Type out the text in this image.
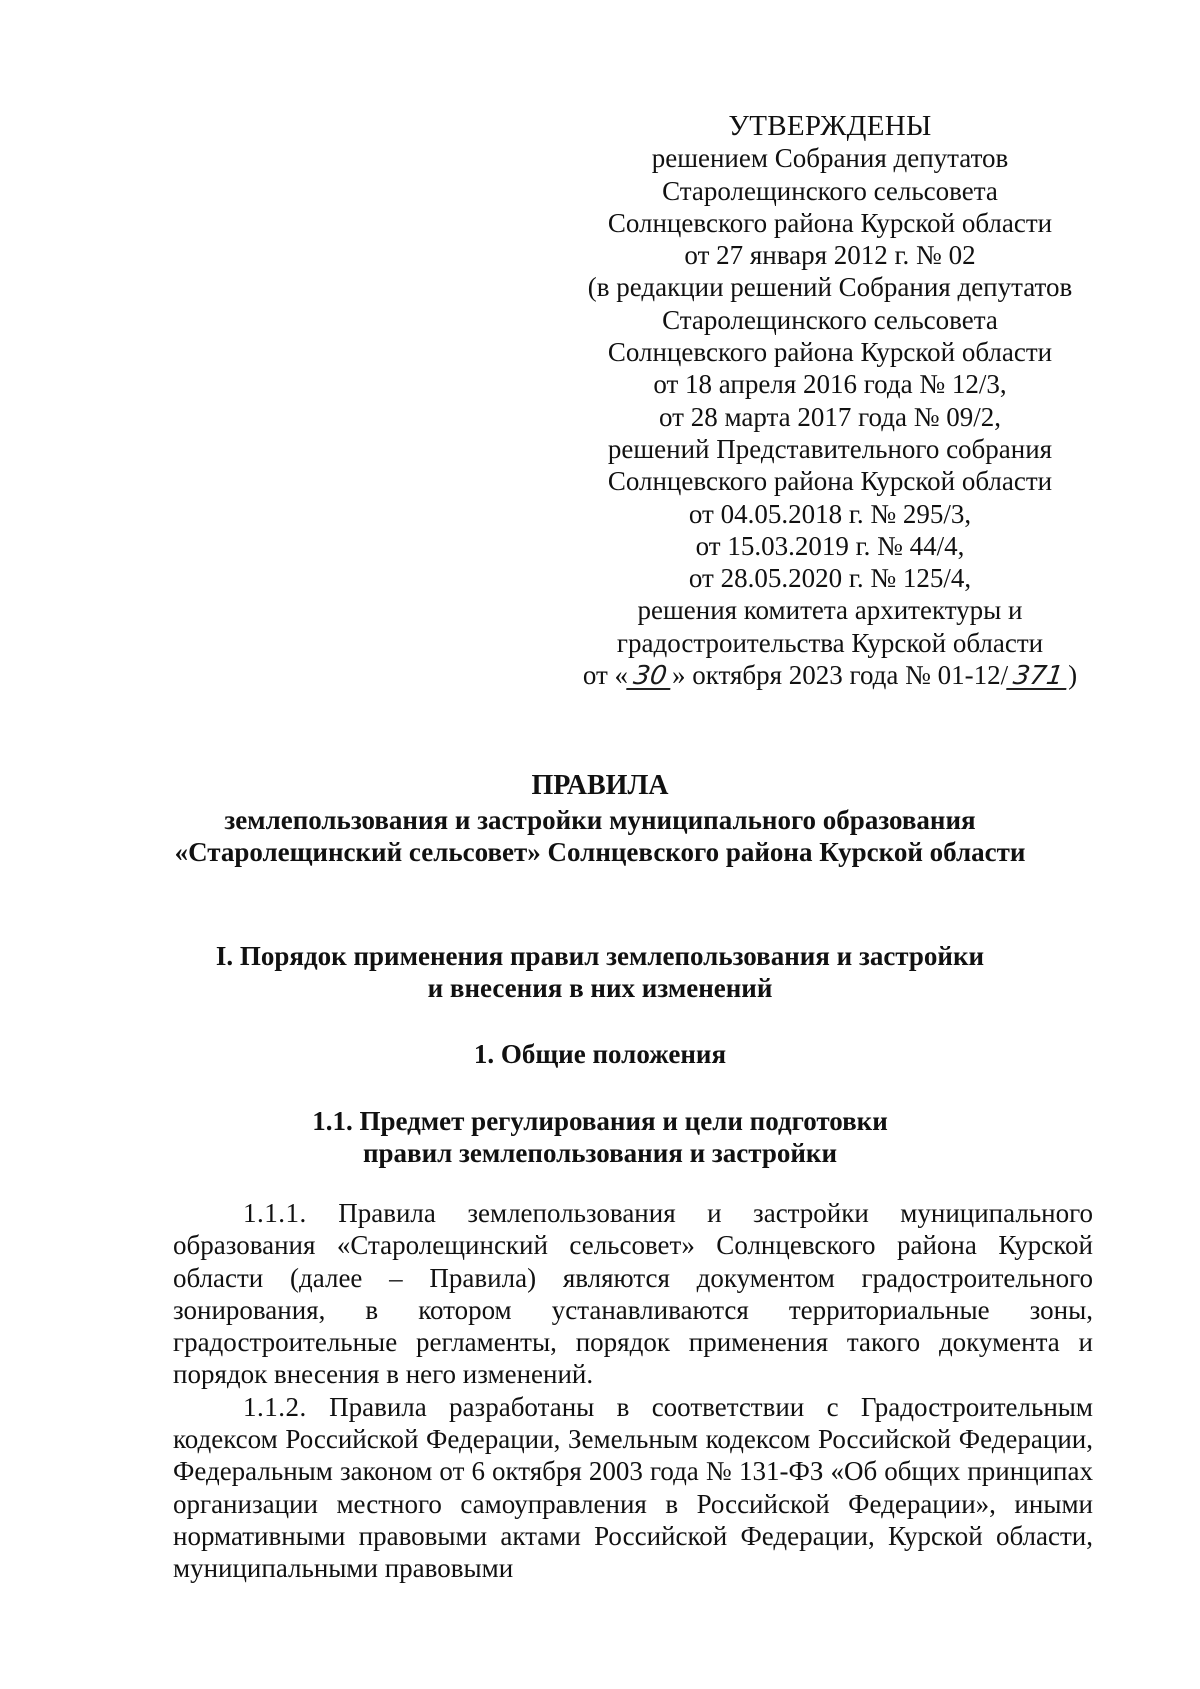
УТВЕРЖДЕНЫ
решением Собрания депутатов
Старолещинского сельсовета
Солнцевского района Курской области
от 27 января 2012 г. № 02
(в редакции решений Собрания депутатов
Старолещинского сельсовета
Солнцевского района Курской области
от 18 апреля 2016 года № 12/3,
от 28 марта 2017 года № 09/2,
решений Представительного собрания
Солнцевского района Курской области
от 04.05.2018 г. № 295/3,
от 15.03.2019 г. № 44/4,
от 28.05.2020 г. № 125/4,
решения комитета архитектуры и
градостроительства Курской области
от « 30 » октября 2023 года № 01-12/ 371 )
ПРАВИЛА
землепользования и застройки муниципального образования
«Старолещинский сельсовет» Солнцевского района Курской области
I. Порядок применения правил землепользования и застройки
и внесения в них изменений
1. Общие положения
1.1. Предмет регулирования и цели подготовки
правил землепользования и застройки

1.1.1. Правила землепользования и застройки муниципального образования «Старолещинский сельсовет» Солнцевского района Курской области (далее – Правила) являются документом градостроительного зонирования, в котором устанавливаются территориальные зоны, градостроительные регламенты, порядок применения такого документа и порядок внесения в него изменений.

1.1.2. Правила разработаны в соответствии с Градостроительным кодексом Российской Федерации, Земельным кодексом Российской Федерации, Федеральным законом от 6 октября 2003 года № 131-ФЗ «Об общих принципах организации местного самоуправления в Российской Федерации», иными нормативными правовыми актами Российской Федерации, Курской области, муниципальными правовыми
